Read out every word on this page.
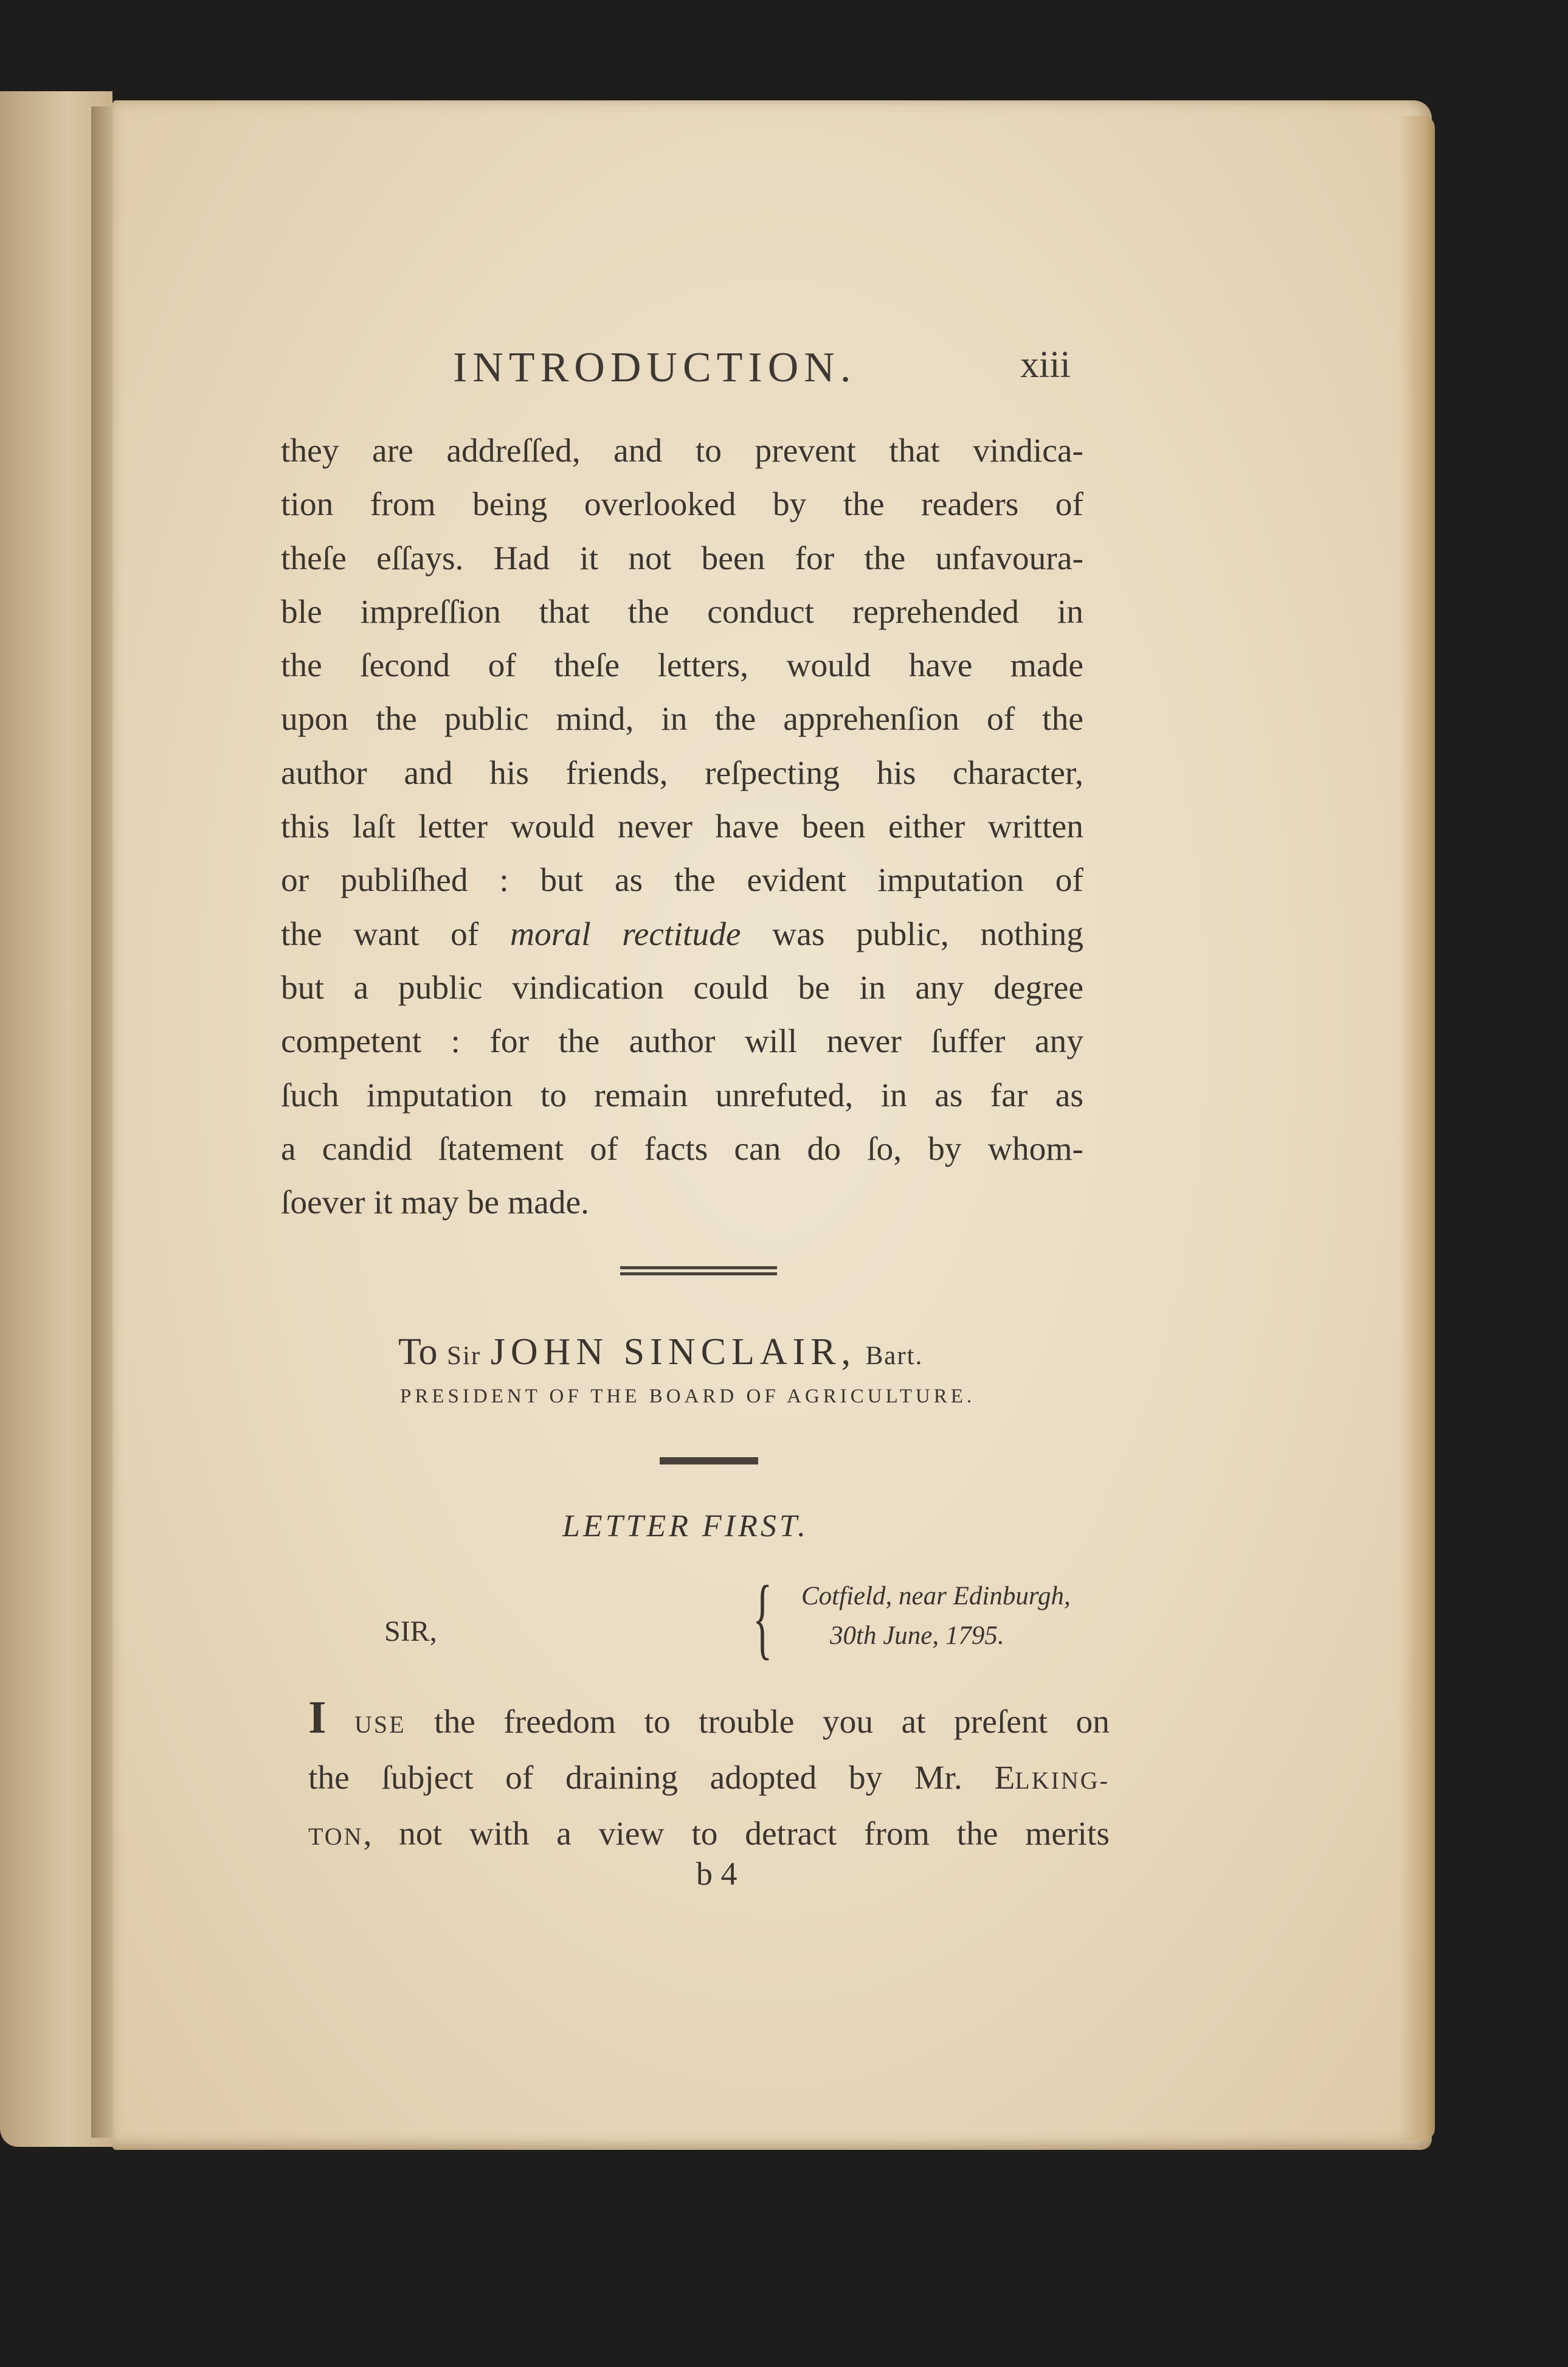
INTRODUCTION.	xiii
they are addreſſed, and to prevent that vindica-
tion from being overlooked by the readers of
theſe eſſays. Had it not been for the unfavoura-
ble impreſſion that the conduct reprehended in
the ſecond of theſe letters, would have made
upon the public mind, in the apprehenſion of the
author and his friends, reſpecting his character,
this laſt letter would never have been either written
or publiſhed : but as the evident imputation of
the want of moral rectitude was public, nothing
but a public vindication could be in any degree
competent : for the author will never ſuffer any
ſuch imputation to remain unrefuted, in as far as
a candid ſtatement of facts can do ſo, by whom-
ſoever it may be made.
To Sir JOHN SINCLAIR, Bart.
PRESIDENT OF THE BOARD OF AGRICULTURE.
LETTER FIRST.
SIR,	{ Cotfield, near Edinburgh,
30th June, 1795.
I USE the freedom to trouble you at preſent on
the ſubject of draining adopted by Mr. ELKING-
TON, not with a view to detract from the merits
b 4
